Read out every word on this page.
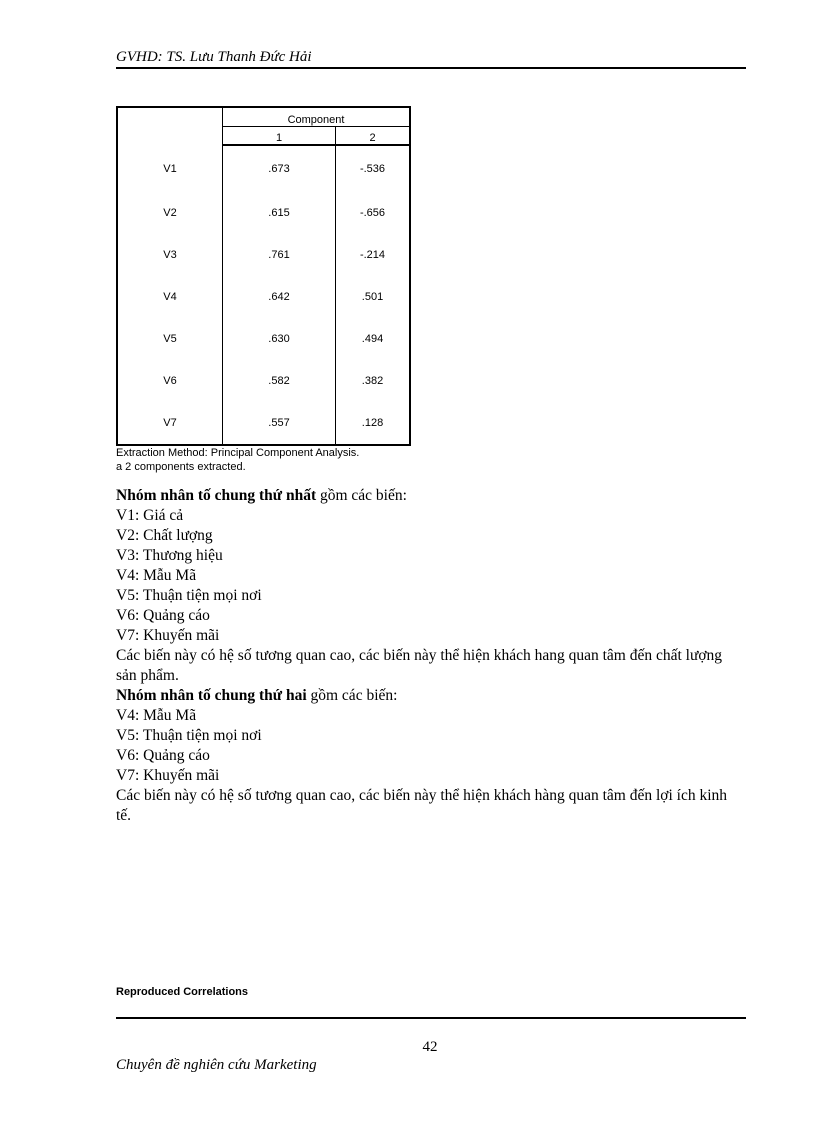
GVHD: TS. Lưu Thanh Đức Hải
	Component	
	1	2
V1	.673	-.536
V2	.615	-.656
V3	.761	-.214
V4	.642	.501
V5	.630	.494
V6	.582	.382
V7	.557	.128
Extraction Method: Principal Component Analysis.
a 2 components extracted.

Nhóm nhân tố chung thứ nhất gồm các biến:

V1: Giá cả

V2: Chất lượng

V3: Thương hiệu

V4: Mẫu Mã

V5: Thuận tiện mọi nơi

V6: Quảng cáo

V7: Khuyến mãi

Các biến này có hệ số tương quan cao, các biến này thể hiện khách hang quan tâm đến chất lượng sản phẩm.

Nhóm nhân tố chung thứ hai gồm các biến:

V4: Mẫu Mã

V5: Thuận tiện mọi nơi

V6: Quảng cáo

V7: Khuyến mãi

Các biến này có hệ số tương quan cao, các biến này thể hiện khách hàng quan tâm đến lợi ích kinh tế.

Reproduced Correlations
42
Chuyên đề nghiên cứu Marketing
